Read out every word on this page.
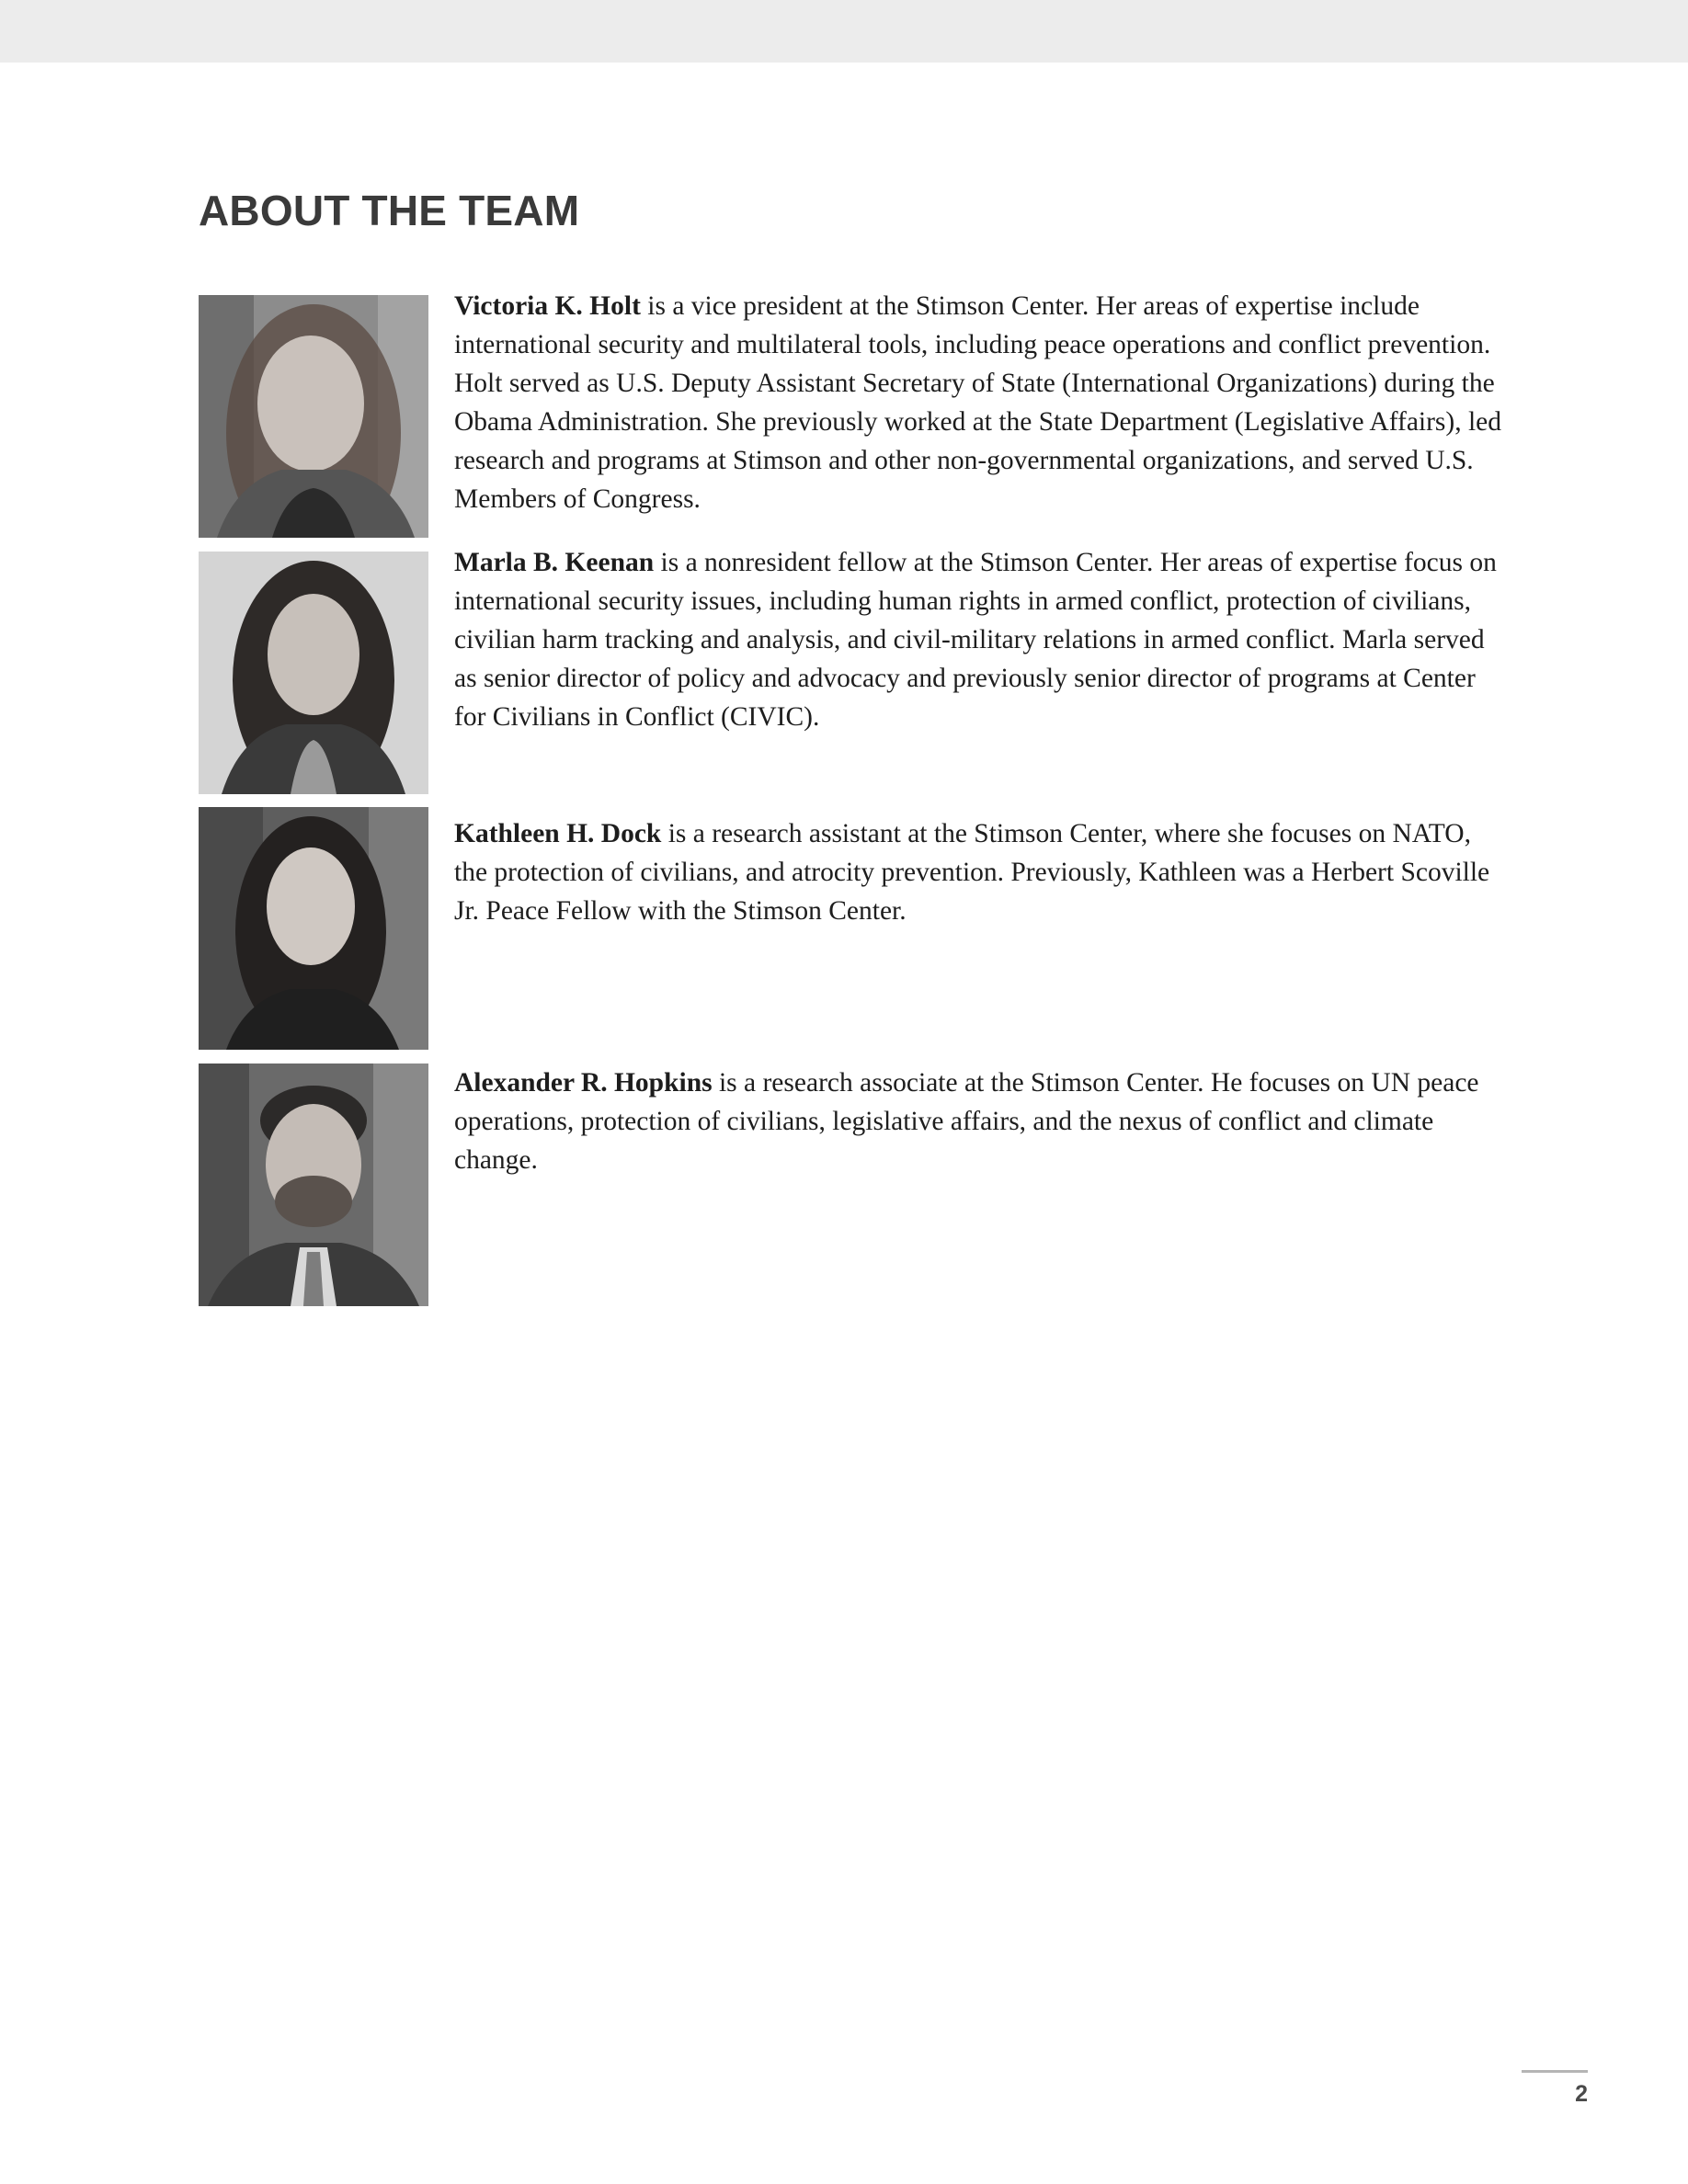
ABOUT THE TEAM

Victoria K. Holt is a vice president at the Stimson Center. Her areas of expertise include international security and multilateral tools, including peace operations and conflict prevention. Holt served as U.S. Deputy Assistant Secretary of State (International Organizations) during the Obama Administration. She previously worked at the State Department (Legislative Affairs), led research and programs at Stimson and other non-governmental organizations, and served U.S. Members of Congress.

Marla B. Keenan is a nonresident fellow at the Stimson Center. Her areas of expertise focus on international security issues, including human rights in armed conflict, protection of civilians, civilian harm tracking and analysis, and civil-military relations in armed conflict. Marla served as senior director of policy and advocacy and previously senior director of programs at Center for Civilians in Conflict (CIVIC).

Kathleen H. Dock is a research assistant at the Stimson Center, where she focuses on NATO, the protection of civilians, and atrocity prevention. Previously, Kathleen was a Herbert Scoville Jr. Peace Fellow with the Stimson Center.

Alexander R. Hopkins is a research associate at the Stimson Center. He focuses on UN peace operations, protection of civilians, legislative affairs, and the nexus of conflict and climate change.

2
